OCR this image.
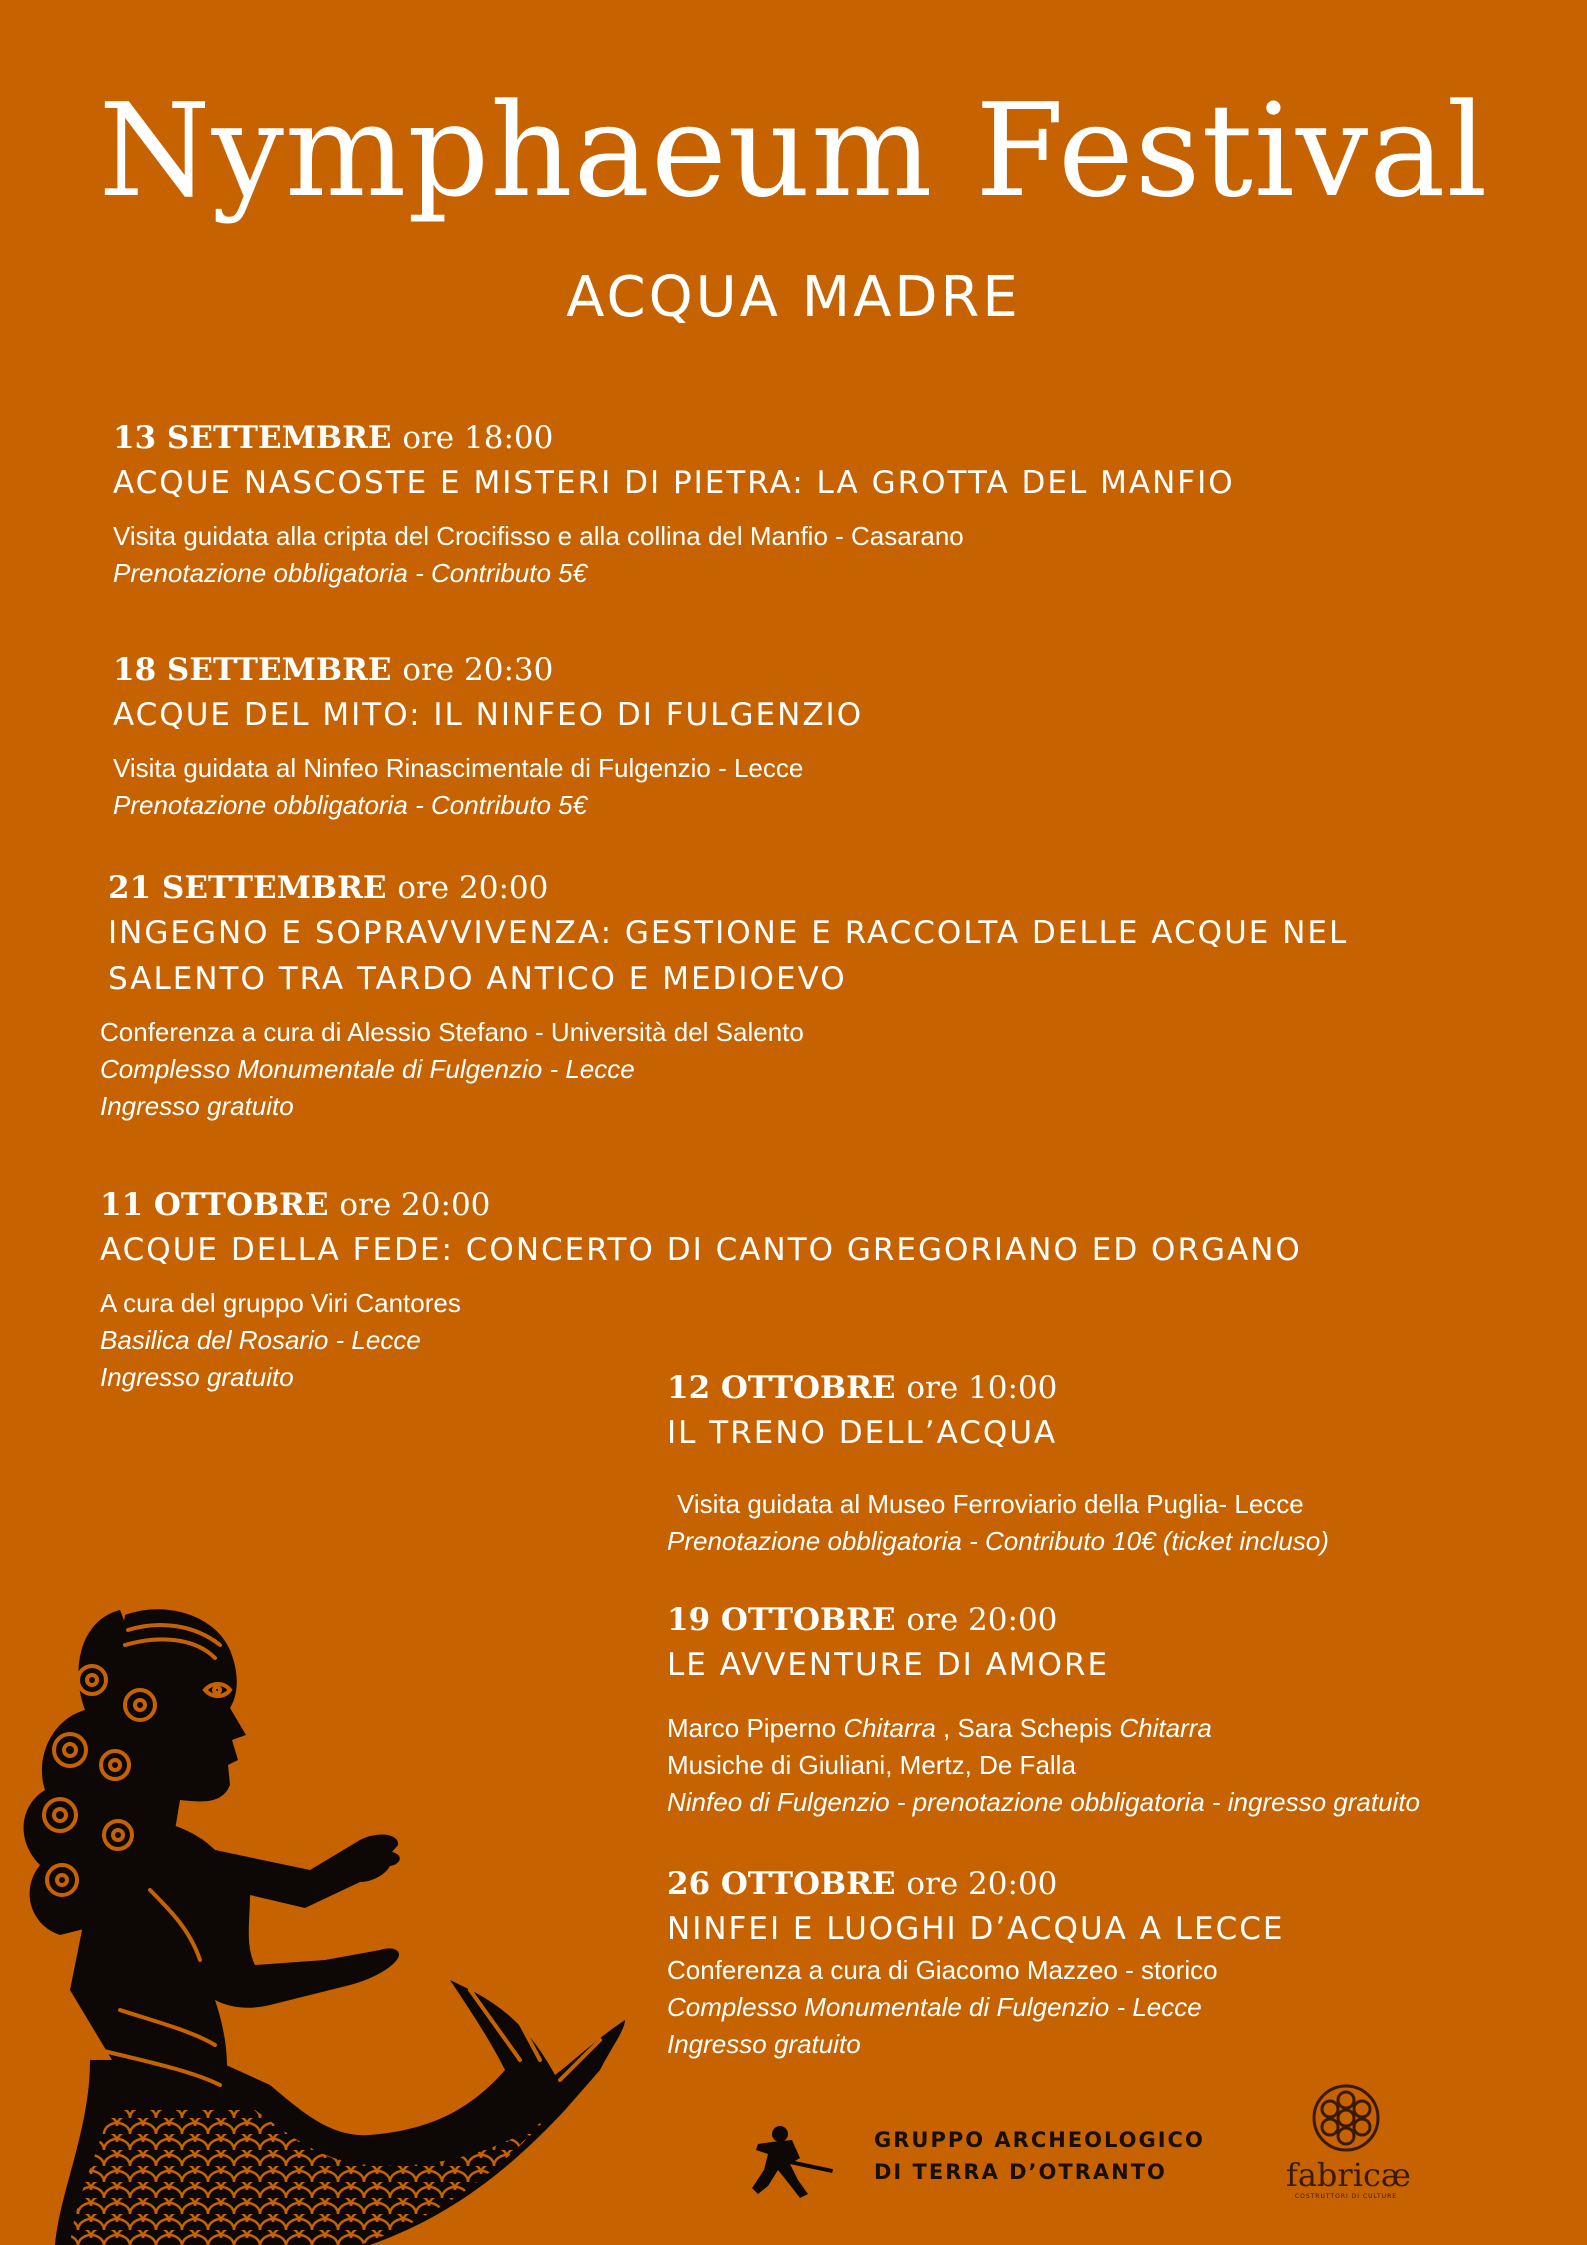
Nymphaeum Festival
ACQUA MADRE
13 SETTEMBRE ore 18:00
ACQUE NASCOSTE E MISTERI DI PIETRA: LA GROTTA DEL MANFIO
Visita guidata alla cripta del Crocifisso e alla collina del Manfio - Casarano
Prenotazione obbligatoria - Contributo 5€
18 SETTEMBRE ore 20:30
ACQUE DEL MITO: IL NINFEO DI FULGENZIO
Visita guidata al Ninfeo Rinascimentale di Fulgenzio - Lecce
Prenotazione obbligatoria - Contributo 5€
21 SETTEMBRE ore 20:00
INGEGNO E SOPRAVVIVENZA: GESTIONE E RACCOLTA DELLE ACQUE NEL
SALENTO TRA TARDO ANTICO E MEDIOEVO
Conferenza a cura di Alessio Stefano - Università del Salento
Complesso Monumentale di Fulgenzio - Lecce
Ingresso gratuito
11 OTTOBRE ore 20:00
ACQUE DELLA FEDE: CONCERTO DI CANTO GREGORIANO ED ORGANO
A cura del gruppo Viri Cantores
Basilica del Rosario - Lecce
Ingresso gratuito	12 OTTOBRE ore 10:00
IL TRENO DELL’ACQUA
Visita guidata al Museo Ferroviario della Puglia- Lecce
Prenotazione obbligatoria - Contributo 10€ (ticket incluso)
19 OTTOBRE ore 20:00
LE AVVENTURE DI AMORE
Marco Piperno Chitarra , Sara Schepis Chitarra
Musiche di Giuliani, Mertz, De Falla
Ninfeo di Fulgenzio - prenotazione obbligatoria - ingresso gratuito
26 OTTOBRE ore 20:00
NINFEI E LUOGHI D’ACQUA A LECCE
Conferenza a cura di Giacomo Mazzeo - storico
Complesso Monumentale di Fulgenzio - Lecce
Ingresso gratuito
GRUPPO ARCHEOLOGICO
DI TERRA D’OTRANTO	fabricæ
COSTRUTTORI DI CULTURE
